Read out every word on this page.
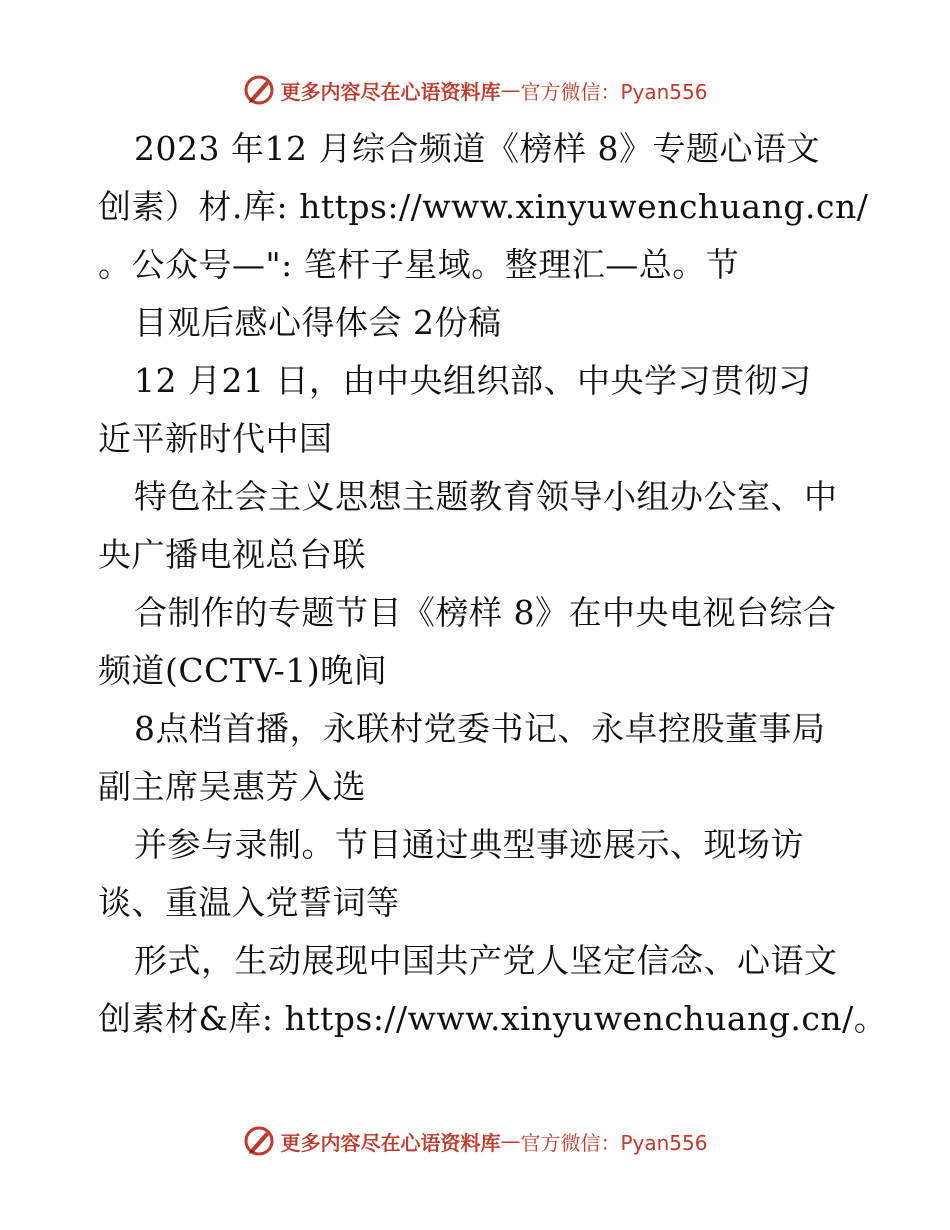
更多内容尽在心语资料库 — 官方微信：Pyan556
2023 年12 月综合频道《榜样 8》专题心语文
创素）材.库: https://www.xinyuwenchuang.cn/
。公众号—": 笔杆子星域。整理汇—总。节
目观后感心得体会 2份稿
12 月21 日，由中央组织部、中央学习贯彻习
近平新时代中国
特色社会主义思想主题教育领导小组办公室、中
央广播电视总台联
合制作的专题节目《榜样 8》在中央电视台综合
频道(CCTV-1)晚间
8点档首播，永联村党委书记、永卓控股董事局
副主席吴惠芳入选
并参与录制。节目通过典型事迹展示、现场访
谈、重温入党誓词等
形式，生动展现中国共产党人坚定信念、心语文
创素材&库: https://www.xinyuwenchuang.cn/。
更多内容尽在心语资料库 — 官方微信：Pyan556
